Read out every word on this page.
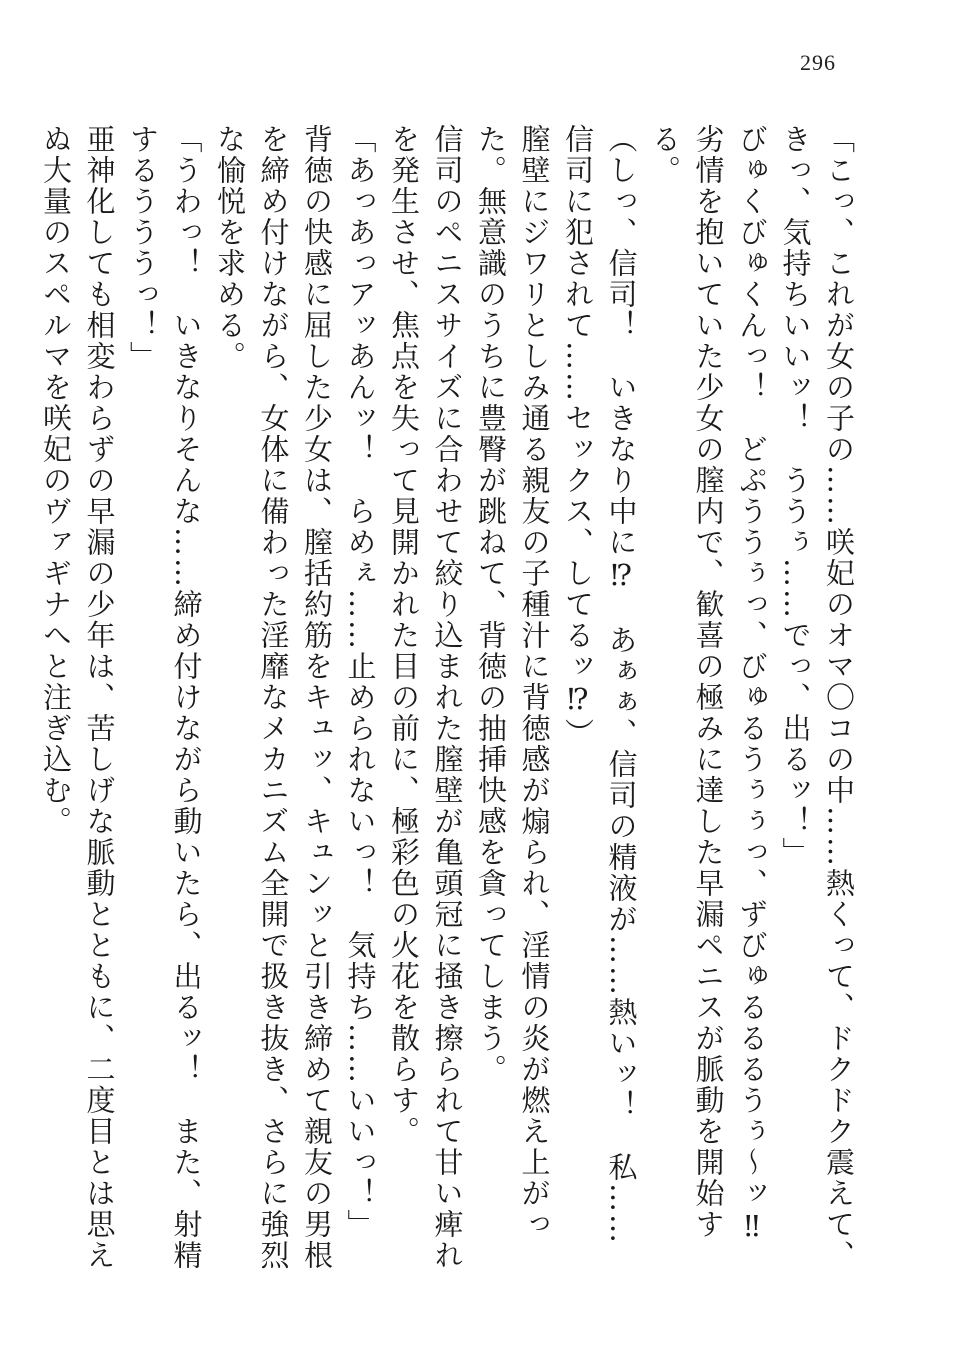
296

「こっ、これが女の子の……咲妃のオマ〇コの中……熱くって、ドクドク震えて、きっ、気持ちいいッ！　ううぅ……でっ、出るッ！」

びゅくびゅくんっ！　どぷううぅっ、びゅるうぅぅっ、ずびゅるるるうぅ〜ッ‼

劣情を抱いていた少女の膣内で、歓喜の極みに達した早漏ペニスが脈動を開始する。

（しっ、信司！　いきなり中に⁉　あぁぁ、信司の精液が……熱いッ！　私……信司に犯されて……セックス、してるッ⁉）

膣壁にジワリとしみ通る親友の子種汁に背徳感が煽られ、淫情の炎が燃え上がった。無意識のうちに豊臀が跳ねて、背徳の抽挿快感を貪ってしまう。

信司のペニスサイズに合わせて絞り込まれた膣壁が亀頭冠に掻き擦られて甘い痺れを発生させ、焦点を失って見開かれた目の前に、極彩色の火花を散らす。

「あっあっアッあんッ！　らめぇ……止められないっ！　気持ち……いいっ！」

背徳の快感に屈した少女は、膣括約筋をキュッ、キュンッと引き締めて親友の男根を締め付けながら、女体に備わった淫靡なメカニズム全開で扱き抜き、さらに強烈な愉悦を求める。

「うわっ！　いきなりそんな……締め付けながら動いたら、出るッ！　また、射精するうううっ！」

亜神化しても相変わらずの早漏の少年は、苦しげな脈動とともに、二度目とは思えぬ大量のスペルマを咲妃のヴァギナへと注ぎ込む。
